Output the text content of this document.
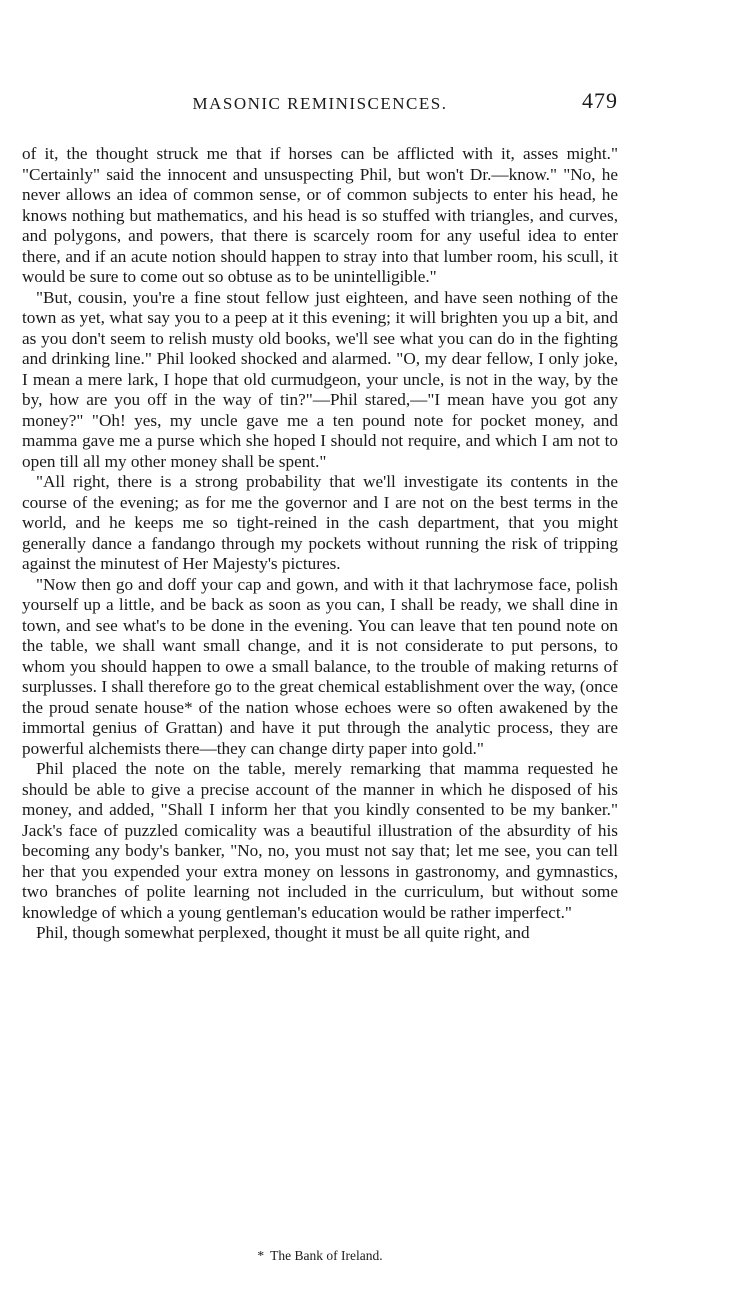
MASONIC REMINISCENCES.	479

of it, the thought struck me that if horses can be afflicted with it, asses might." "Certainly" said the innocent and unsuspecting Phil, but won't Dr.—know." "No, he never allows an idea of common sense, or of common subjects to enter his head, he knows nothing but mathematics, and his head is so stuffed with triangles, and curves, and polygons, and powers, that there is scarcely room for any useful idea to enter there, and if an acute notion should happen to stray into that lumber room, his scull, it would be sure to come out so obtuse as to be unintelligible."

"But, cousin, you're a fine stout fellow just eighteen, and have seen nothing of the town as yet, what say you to a peep at it this evening; it will brighten you up a bit, and as you don't seem to relish musty old books, we'll see what you can do in the fighting and drinking line." Phil looked shocked and alarmed. "O, my dear fellow, I only joke, I mean a mere lark, I hope that old curmudgeon, your uncle, is not in the way, by the by, how are you off in the way of tin?"—Phil stared,—"I mean have you got any money?" "Oh! yes, my uncle gave me a ten pound note for pocket money, and mamma gave me a purse which she hoped I should not require, and which I am not to open till all my other money shall be spent."

"All right, there is a strong probability that we'll investigate its contents in the course of the evening; as for me the governor and I are not on the best terms in the world, and he keeps me so tight-reined in the cash department, that you might generally dance a fandango through my pockets without running the risk of tripping against the minutest of Her Majesty's pictures.

"Now then go and doff your cap and gown, and with it that lachrymose face, polish yourself up a little, and be back as soon as you can, I shall be ready, we shall dine in town, and see what's to be done in the evening. You can leave that ten pound note on the table, we shall want small change, and it is not considerate to put persons, to whom you should happen to owe a small balance, to the trouble of making returns of surplusses. I shall therefore go to the great chemical establishment over the way, (once the proud senate house* of the nation whose echoes were so often awakened by the immortal genius of Grattan) and have it put through the analytic process, they are powerful alchemists there—they can change dirty paper into gold."

Phil placed the note on the table, merely remarking that mamma requested he should be able to give a precise account of the manner in which he disposed of his money, and added, "Shall I inform her that you kindly consented to be my banker." Jack's face of puzzled comicality was a beautiful illustration of the absurdity of his becoming any body's banker, "No, no, you must not say that; let me see, you can tell her that you expended your extra money on lessons in gastronomy, and gymnastics, two branches of polite learning not included in the curriculum, but without some knowledge of which a young gentleman's education would be rather imperfect."

Phil, though somewhat perplexed, thought it must be all quite right, and

* The Bank of Ireland.
